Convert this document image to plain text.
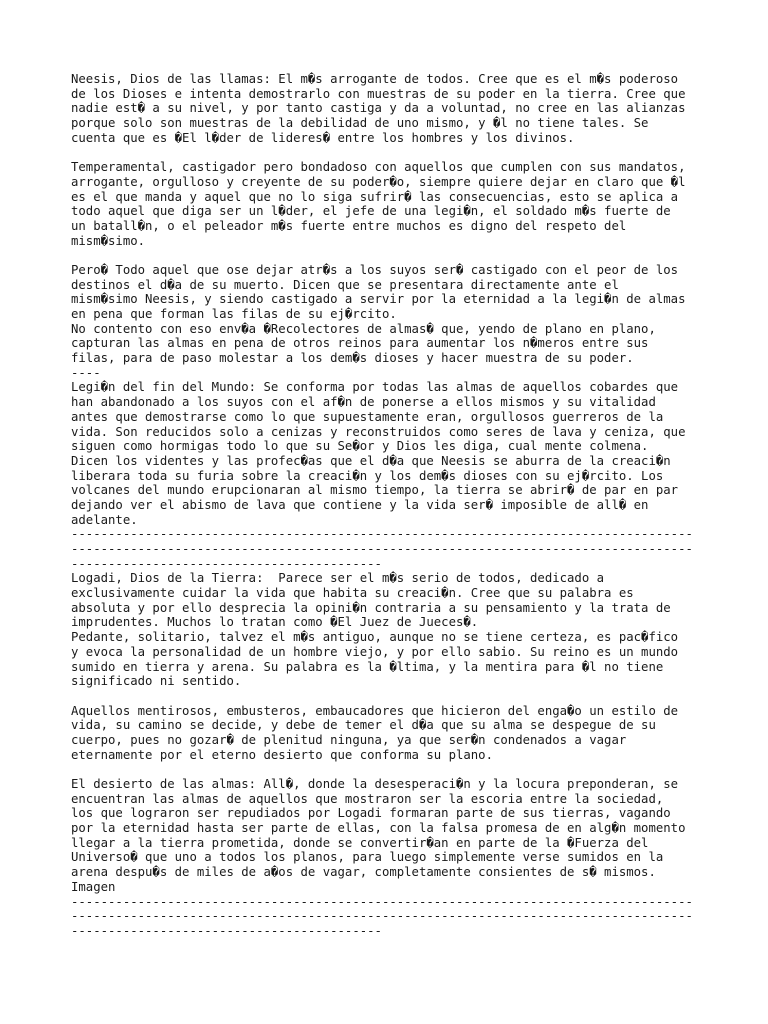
Neesis, Dios de las llamas: El m�s arrogante de todos. Cree que es el m�s poderoso
de los Dioses e intenta demostrarlo con muestras de su poder en la tierra. Cree que
nadie est� a su nivel, y por tanto castiga y da a voluntad, no cree en las alianzas
porque solo son muestras de la debilidad de uno mismo, y �l no tiene tales. Se
cuenta que es �El l�der de lideres� entre los hombres y los divinos.
Temperamental, castigador pero bondadoso con aquellos que cumplen con sus mandatos,
arrogante, orgulloso y creyente de su poder�o, siempre quiere dejar en claro que �l
es el que manda y aquel que no lo siga sufrir� las consecuencias, esto se aplica a
todo aquel que diga ser un l�der, el jefe de una legi�n, el soldado m�s fuerte de
un batall�n, o el peleador m�s fuerte entre muchos es digno del respeto del
mism�simo.
Pero� Todo aquel que ose dejar atr�s a los suyos ser� castigado con el peor de los
destinos el d�a de su muerto. Dicen que se presentara directamente ante el
mism�simo Neesis, y siendo castigado a servir por la eternidad a la legi�n de almas
en pena que forman las filas de su ej�rcito.
No contento con eso env�a �Recolectores de almas� que, yendo de plano en plano,
capturan las almas en pena de otros reinos para aumentar los n�meros entre sus
filas, para de paso molestar a los dem�s dioses y hacer muestra de su poder.
----
Legi�n del fin del Mundo: Se conforma por todas las almas de aquellos cobardes que
han abandonado a los suyos con el af�n de ponerse a ellos mismos y su vitalidad
antes que demostrarse como lo que supuestamente eran, orgullosos guerreros de la
vida. Son reducidos solo a cenizas y reconstruidos como seres de lava y ceniza, que
siguen como hormigas todo lo que su Se�or y Dios les diga, cual mente colmena.
Dicen los videntes y las profec�as que el d�a que Neesis se aburra de la creaci�n
liberara toda su furia sobre la creaci�n y los dem�s dioses con su ej�rcito. Los
volcanes del mundo erupcionaran al mismo tiempo, la tierra se abrir� de par en par
dejando ver el abismo de lava que contiene y la vida ser� imposible de all� en
adelante.
------------------------------------------------------------------------------------
------------------------------------------------------------------------------------
------------------------------------------
Logadi, Dios de la Tierra:  Parece ser el m�s serio de todos, dedicado a
exclusivamente cuidar la vida que habita su creaci�n. Cree que su palabra es
absoluta y por ello desprecia la opini�n contraria a su pensamiento y la trata de
imprudentes. Muchos lo tratan como �El Juez de Jueces�.
Pedante, solitario, talvez el m�s antiguo, aunque no se tiene certeza, es pac�fico
y evoca la personalidad de un hombre viejo, y por ello sabio. Su reino es un mundo
sumido en tierra y arena. Su palabra es la �ltima, y la mentira para �l no tiene
significado ni sentido.
Aquellos mentirosos, embusteros, embaucadores que hicieron del enga�o un estilo de
vida, su camino se decide, y debe de temer el d�a que su alma se despegue de su
cuerpo, pues no gozar� de plenitud ninguna, ya que ser�n condenados a vagar
eternamente por el eterno desierto que conforma su plano.
El desierto de las almas: All�, donde la desesperaci�n y la locura preponderan, se
encuentran las almas de aquellos que mostraron ser la escoria entre la sociedad,
los que lograron ser repudiados por Logadi formaran parte de sus tierras, vagando
por la eternidad hasta ser parte de ellas, con la falsa promesa de en alg�n momento
llegar a la tierra prometida, donde se convertir�an en parte de la �Fuerza del
Universo� que uno a todos los planos, para luego simplemente verse sumidos en la
arena despu�s de miles de a�os de vagar, completamente consientes de s� mismos.
Imagen
------------------------------------------------------------------------------------
------------------------------------------------------------------------------------
------------------------------------------
